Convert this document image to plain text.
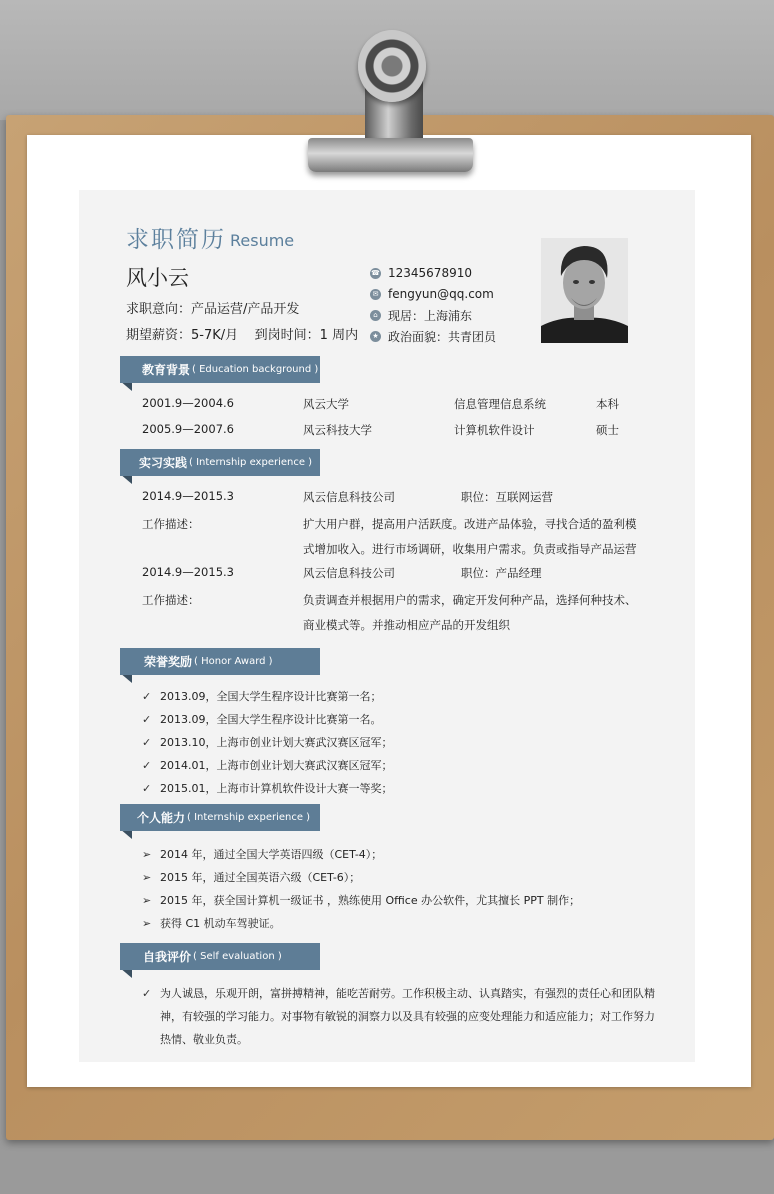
求职简历 Resume
风小云
求职意向：产品运营/产品开发
期望薪资：5-7K/月    到岗时间：1 周内
☎ 12345678910
✉ fengyun@qq.com
⌂ 现居：上海浦东
★ 政治面貌：共青团员
教育背景 ( Education background )
2001.9—2004.6	风云大学	信息管理信息系统	本科
2005.9—2007.6	风云科技大学	计算机软件设计	硕士
实习实践 ( Internship experience )
2014.9—2015.3	风云信息科技公司	职位：互联网运营
工作描述：	扩大用户群，提高用户活跃度。改进产品体验，寻找合适的盈利模
式增加收入。进行市场调研，收集用户需求。负责或指导产品运营
2014.9—2015.3	风云信息科技公司	职位：产品经理
工作描述：	负责调查并根据用户的需求，确定开发何种产品，选择何种技术、
商业模式等。并推动相应产品的开发组织
荣誉奖励 ( Honor Award )
✓ 2013.09，全国大学生程序设计比赛第一名；
✓ 2013.09，全国大学生程序设计比赛第一名。
✓ 2013.10，上海市创业计划大赛武汉赛区冠军；
✓ 2014.01，上海市创业计划大赛武汉赛区冠军；
✓ 2015.01，上海市计算机软件设计大赛一等奖；
个人能力 ( Internship experience )
➢ 2014 年，通过全国大学英语四级（CET-4）；
➢ 2015 年，通过全国英语六级（CET-6）；
➢ 2015 年，获全国计算机一级证书 ，熟练使用 Office 办公软件，尤其擅长 PPT 制作；
➢ 获得 C1 机动车驾驶证。
自我评价 ( Self evaluation )
✓ 为人诚恳，乐观开朗，富拼搏精神，能吃苦耐劳。工作积极主动、认真踏实，有强烈的责任心和团队精
神，有较强的学习能力。对事物有敏锐的洞察力以及具有较强的应变处理能力和适应能力；对工作努力
热情、敬业负责。
